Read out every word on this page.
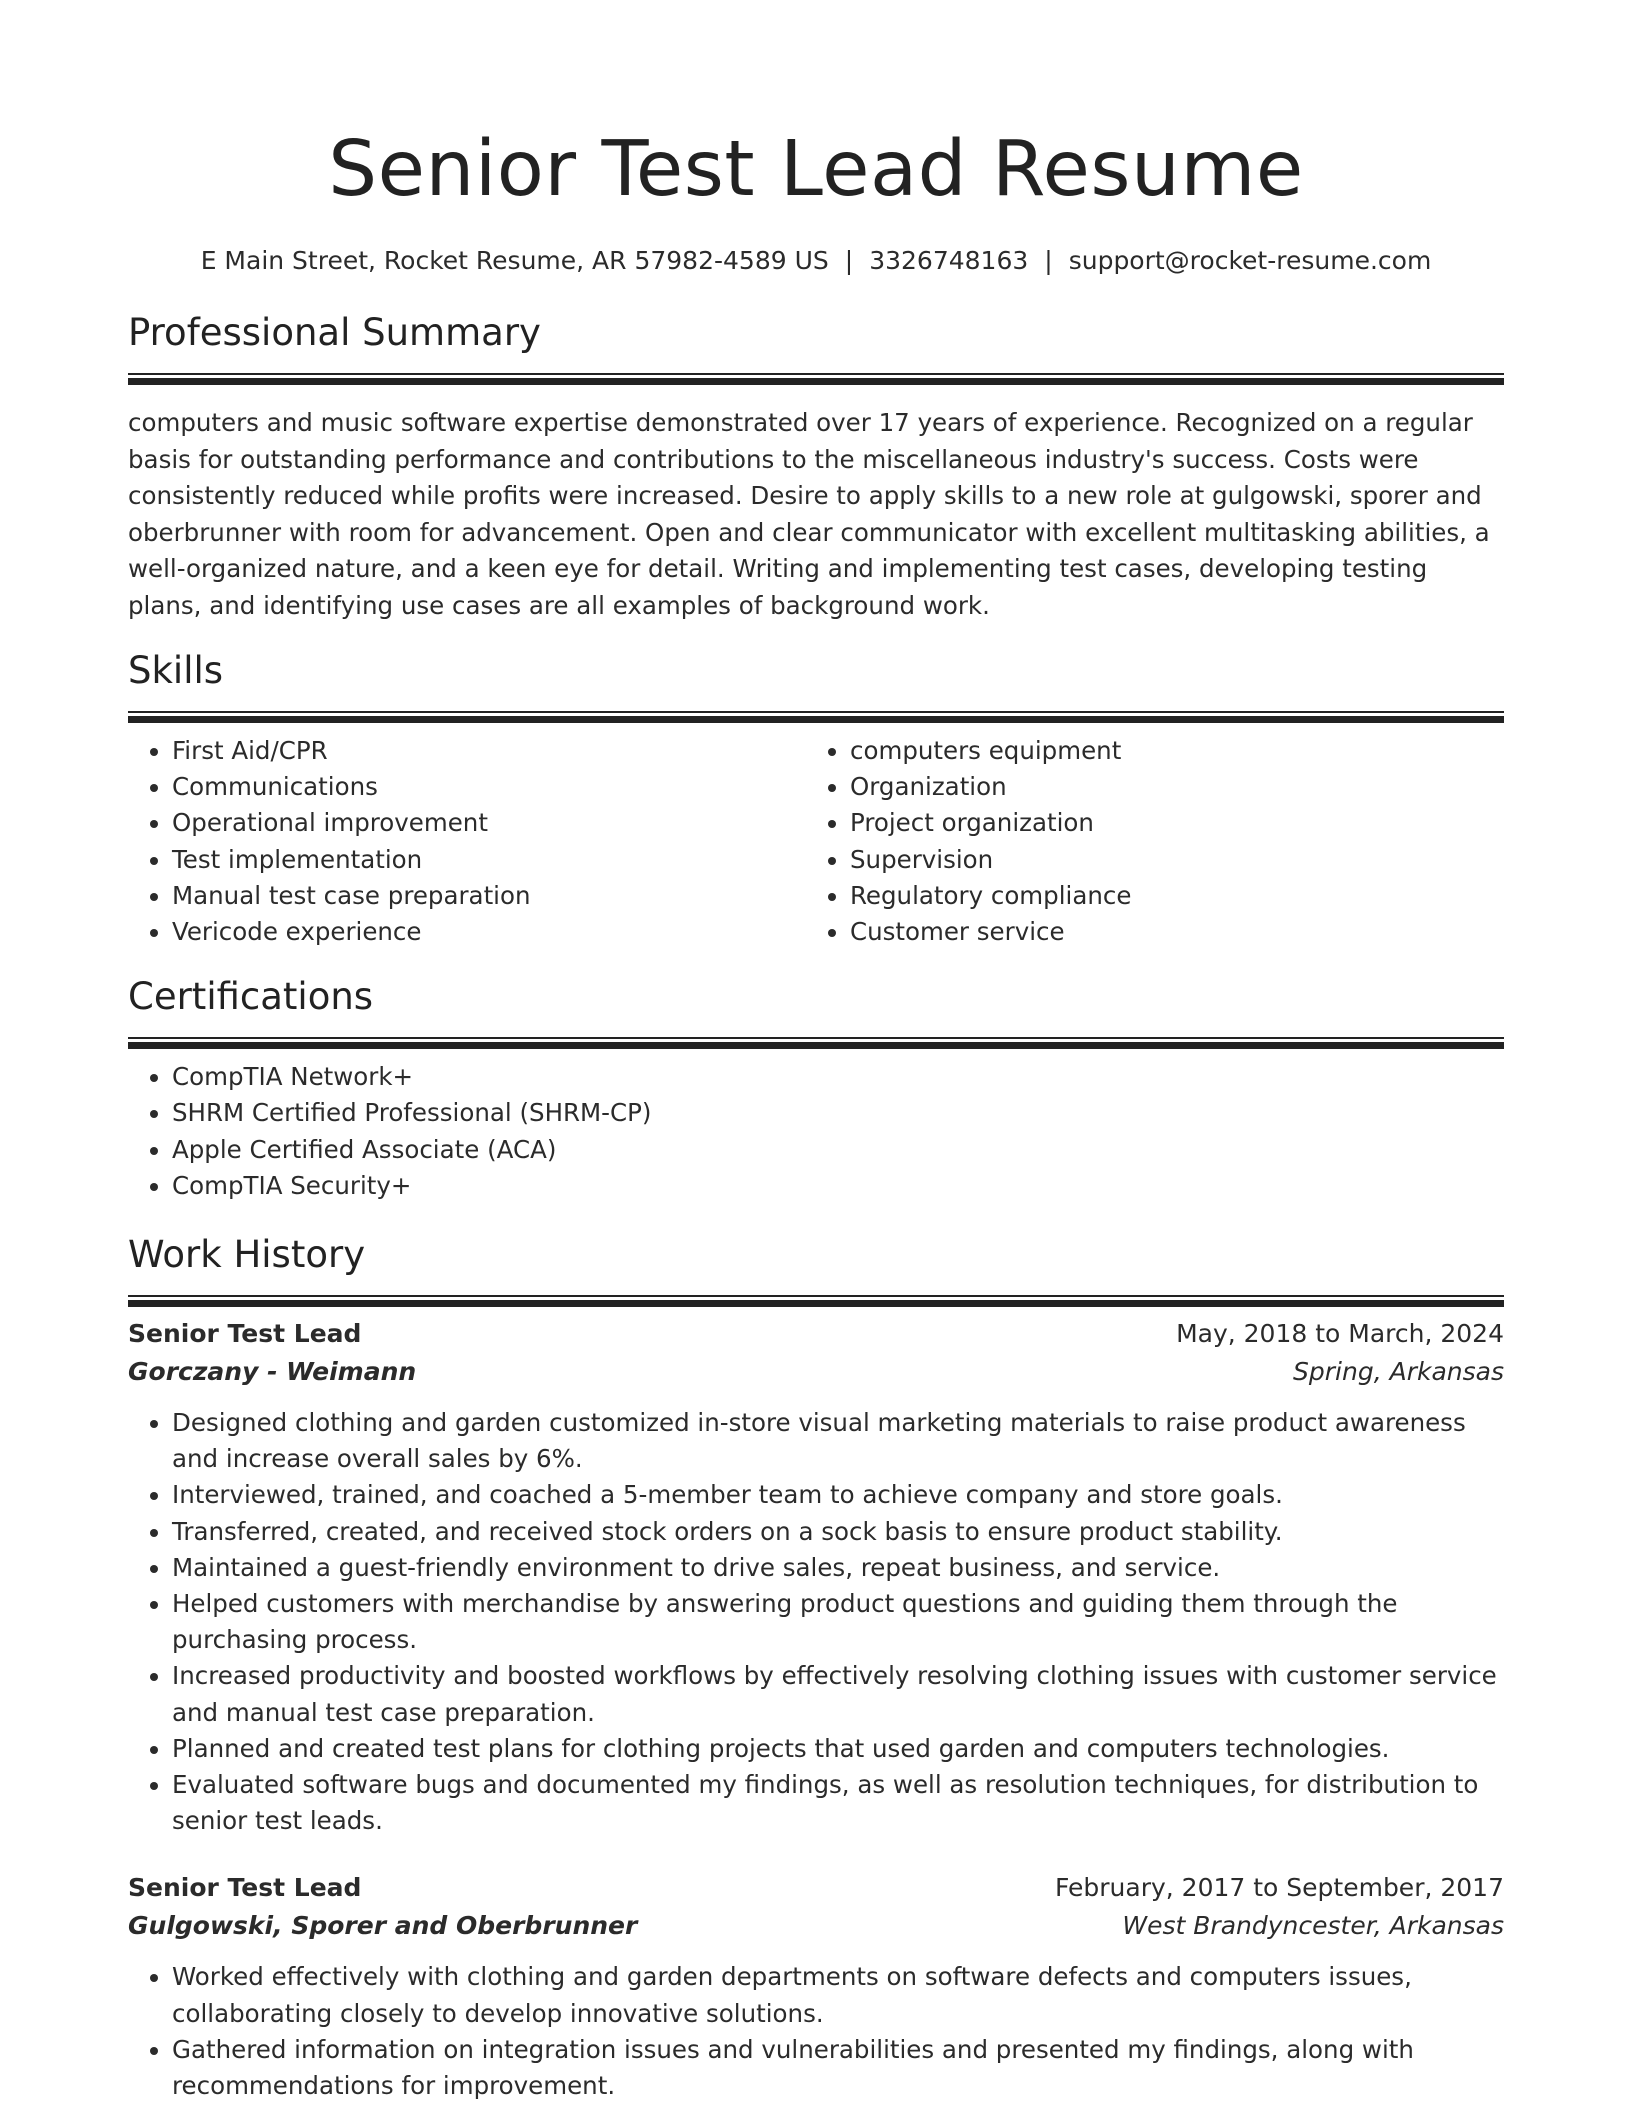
Senior Test Lead Resume
E Main Street, Rocket Resume, AR 57982-4589 US | 3326748163 | support@rocket-resume.com
Professional Summary

computers and music software expertise demonstrated over 17 years of experience. Recognized on a regular basis for outstanding performance and contributions to the miscellaneous industry's success. Costs were consistently reduced while profits were increased. Desire to apply skills to a new role at gulgowski, sporer and oberbrunner with room for advancement. Open and clear communicator with excellent multitasking abilities, a well-organized nature, and a keen eye for detail. Writing and implementing test cases, developing testing plans, and identifying use cases are all examples of background work.

Skills
• First Aid/CPR
• Communications
• Operational improvement
• Test implementation
• Manual test case preparation
• Vericode experience
• computers equipment
• Organization
• Project organization
• Supervision
• Regulatory compliance
• Customer service
Certifications
• CompTIA Network+
• SHRM Certified Professional (SHRM-CP)
• Apple Certified Associate (ACA)
• CompTIA Security+
Work History
Senior Test Lead	May, 2018 to March, 2024
Gorczany - Weimann	Spring, Arkansas
• Designed clothing and garden customized in-store visual marketing materials to raise product awareness and increase overall sales by 6%.
• Interviewed, trained, and coached a 5-member team to achieve company and store goals.
• Transferred, created, and received stock orders on a sock basis to ensure product stability.
• Maintained a guest-friendly environment to drive sales, repeat business, and service.
• Helped customers with merchandise by answering product questions and guiding them through the purchasing process.
• Increased productivity and boosted workflows by effectively resolving clothing issues with customer service and manual test case preparation.
• Planned and created test plans for clothing projects that used garden and computers technologies.
• Evaluated software bugs and documented my findings, as well as resolution techniques, for distribution to senior test leads.
Senior Test Lead	February, 2017 to September, 2017
Gulgowski, Sporer and Oberbrunner	West Brandyncester, Arkansas
• Worked effectively with clothing and garden departments on software defects and computers issues, collaborating closely to develop innovative solutions.
• Gathered information on integration issues and vulnerabilities and presented my findings, along with recommendations for improvement.
